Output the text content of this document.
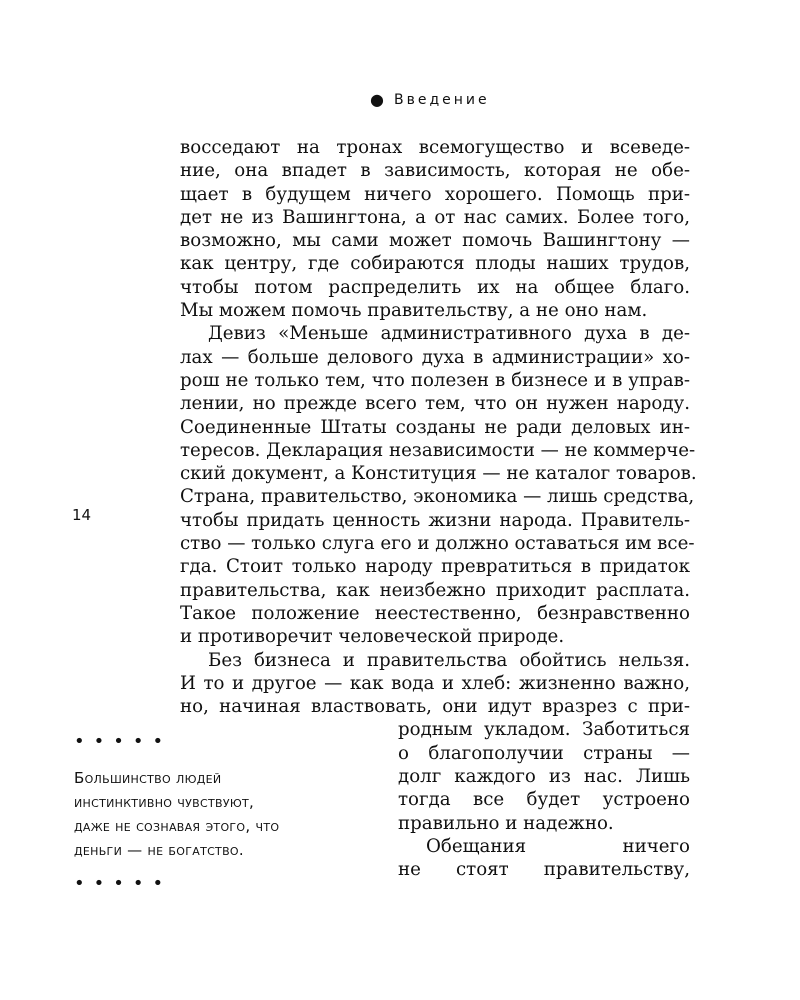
● Введение
14
восседают на тронах всемогущество и всеведе-
ние, она впадет в зависимость, которая не обе-
щает в будущем ничего хорошего. Помощь при-
дет не из Вашингтона, а от нас самих. Более того,
возможно, мы сами может помочь Вашингтону —
как центру, где собираются плоды наших трудов,
чтобы потом распределить их на общее благо.
Мы можем помочь правительству, а не оно нам.
Девиз «Меньше административного духа в де-
лах — больше делового духа в администрации» хо-
рош не только тем, что полезен в бизнесе и в управ-
лении, но прежде всего тем, что он нужен народу.
Соединенные Штаты созданы не ради деловых ин-
тересов. Декларация независимости — не коммерче-
ский документ, а Конституция — не каталог товаров.
Страна, правительство, экономика — лишь средства,
чтобы придать ценность жизни народа. Правитель-
ство — только слуга его и должно оставаться им все-
гда. Стоит только народу превратиться в придаток
правительства, как неизбежно приходит расплата.
Такое положение неестественно, безнравственно
и противоречит человеческой природе.
Без бизнеса и правительства обойтись нельзя.
И то и другое — как вода и хлеб: жизненно важно,
но, начиная властвовать, они идут вразрез с при-
родным укладом. Заботиться
о благополучии страны —
долг каждого из нас. Лишь
тогда все будет устроено
правильно и надежно.
Обещания ничего
не стоят правительству,
•••••
Большинство людей
инстинктивно чувствуют,
даже не сознавая этого, что
деньги — не богатство.
•••••
